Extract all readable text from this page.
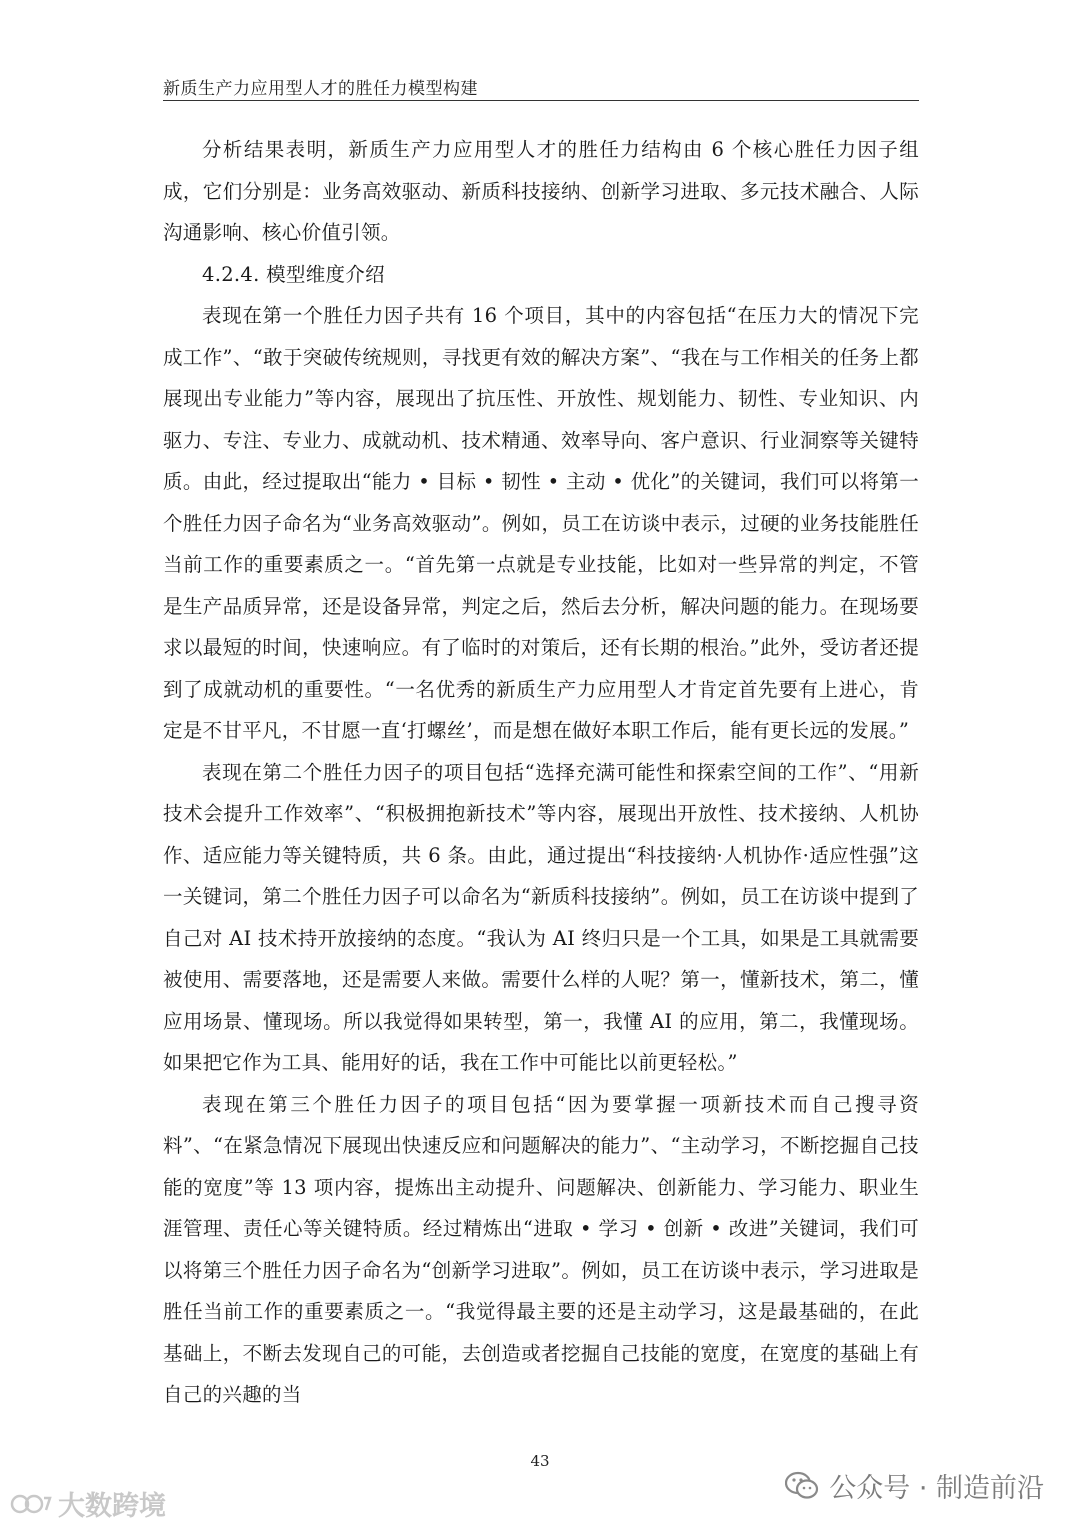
新质生产力应用型人才的胜任力模型构建

分析结果表明，新质生产力应用型人才的胜任力结构由 6 个核心胜任力因子组成，它们分别是：业务高效驱动、新质科技接纳、创新学习进取、多元技术融合、人际沟通影响、核心价值引领。

4.2.4. 模型维度介绍

表现在第一个胜任力因子共有 16 个项目，其中的内容包括“在压力大的情况下完成工作”、“敢于突破传统规则，寻找更有效的解决方案”、“我在与工作相关的任务上都展现出专业能力”等内容，展现出了抗压性、开放性、规划能力、韧性、专业知识、内驱力、专注、专业力、成就动机、技术精通、效率导向、客户意识、行业洞察等关键特质。由此，经过提取出“能力 • 目标 • 韧性 • 主动 • 优化”的关键词，我们可以将第一个胜任力因子命名为“业务高效驱动”。例如，员工在访谈中表示，过硬的业务技能胜任当前工作的重要素质之一。“首先第一点就是专业技能，比如对一些异常的判定，不管是生产品质异常，还是设备异常，判定之后，然后去分析，解决问题的能力。在现场要求以最短的时间，快速响应。有了临时的对策后，还有长期的根治。”此外，受访者还提到了成就动机的重要性。“一名优秀的新质生产力应用型人才肯定首先要有上进心，肯定是不甘平凡，不甘愿一直‘打螺丝’，而是想在做好本职工作后，能有更长远的发展。”

表现在第二个胜任力因子的项目包括“选择充满可能性和探索空间的工作”、“用新技术会提升工作效率”、“积极拥抱新技术”等内容，展现出开放性、技术接纳、人机协作、适应能力等关键特质，共 6 条。由此，通过提出“科技接纳·人机协作·适应性强”这一关键词，第二个胜任力因子可以命名为“新质科技接纳”。例如，员工在访谈中提到了自己对 AI 技术持开放接纳的态度。“我认为 AI 终归只是一个工具，如果是工具就需要被使用、需要落地，还是需要人来做。需要什么样的人呢？第一，懂新技术，第二，懂应用场景、懂现场。所以我觉得如果转型，第一，我懂 AI 的应用，第二，我懂现场。如果把它作为工具、能用好的话，我在工作中可能比以前更轻松。”

表现在第三个胜任力因子的项目包括“因为要掌握一项新技术而自己搜寻资料”、“在紧急情况下展现出快速反应和问题解决的能力”、“主动学习，不断挖掘自己技能的宽度”等 13 项内容，提炼出主动提升、问题解决、创新能力、学习能力、职业生涯管理、责任心等关键特质。经过精炼出“进取 • 学习 • 创新 • 改进”关键词，我们可以将第三个胜任力因子命名为“创新学习进取”。例如，员工在访谈中表示，学习进取是胜任当前工作的重要素质之一。“我觉得最主要的还是主动学习，这是最基础的，在此基础上，不断去发现自己的可能，去创造或者挖掘自己技能的宽度，在宽度的基础上有自己的兴趣的当

43
公众号 · 制造前沿
大数跨境
